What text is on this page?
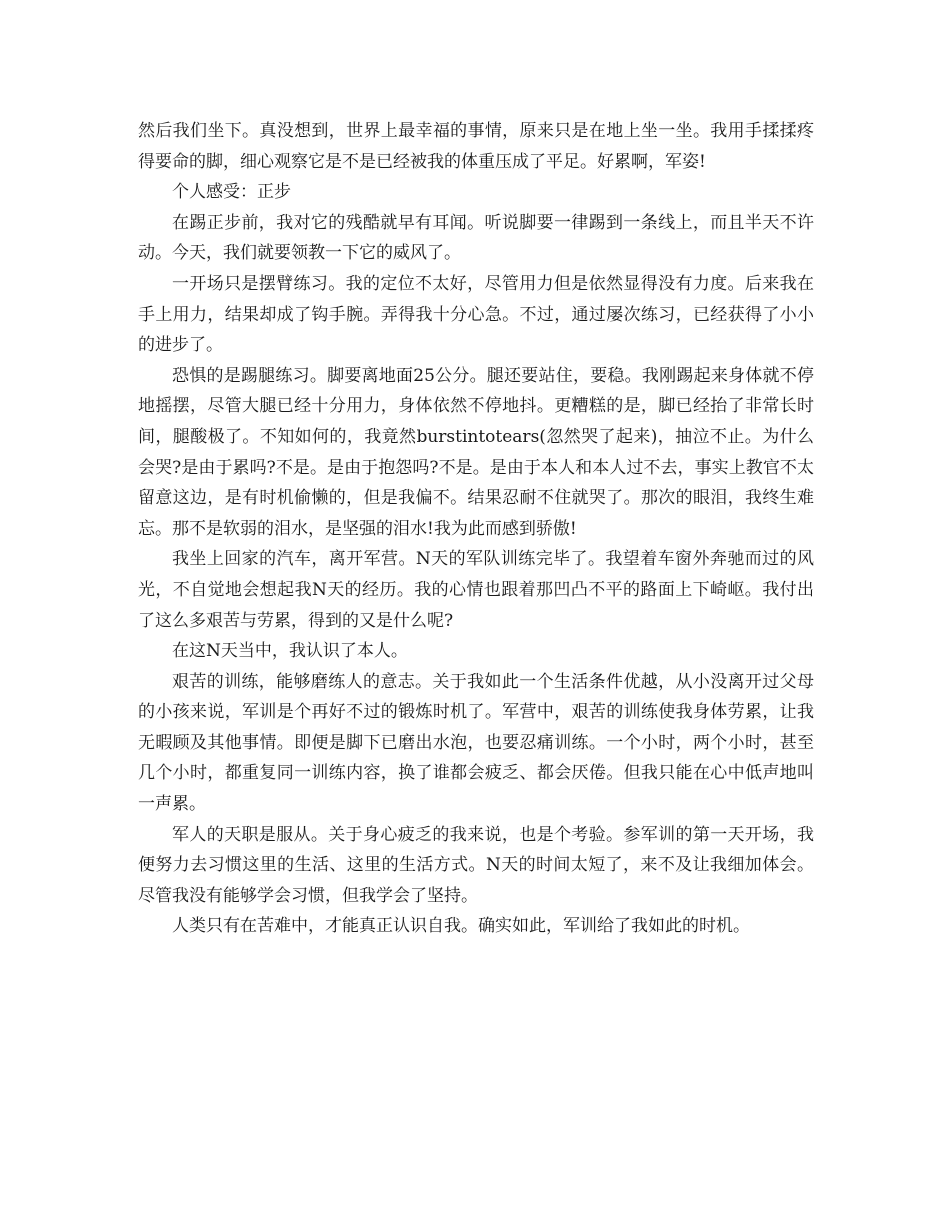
然后我们坐下。真没想到，世界上最幸福的事情，原来只是在地上坐一坐。我用手揉揉疼得要命的脚，细心观察它是不是已经被我的体重压成了平足。好累啊，军姿!

个人感受：正步

在踢正步前，我对它的残酷就早有耳闻。听说脚要一律踢到一条线上，而且半天不许动。今天，我们就要领教一下它的威风了。

一开场只是摆臂练习。我的定位不太好，尽管用力但是依然显得没有力度。后来我在手上用力，结果却成了钩手腕。弄得我十分心急。不过，通过屡次练习，已经获得了小小的进步了。

恐惧的是踢腿练习。脚要离地面25公分。腿还要站住，要稳。我刚踢起来身体就不停地摇摆，尽管大腿已经十分用力，身体依然不停地抖。更糟糕的是，脚已经抬了非常长时间，腿酸极了。不知如何的，我竟然burstintotears(忽然哭了起来)，抽泣不止。为什么会哭?是由于累吗?不是。是由于抱怨吗?不是。是由于本人和本人过不去，事实上教官不太留意这边，是有时机偷懒的，但是我偏不。结果忍耐不住就哭了。那次的眼泪，我终生难忘。那不是软弱的泪水，是坚强的泪水!我为此而感到骄傲!

我坐上回家的汽车，离开军营。N天的军队训练完毕了。我望着车窗外奔驰而过的风光，不自觉地会想起我N天的经历。我的心情也跟着那凹凸不平的路面上下崎岖。我付出了这么多艰苦与劳累，得到的又是什么呢?

在这N天当中，我认识了本人。

艰苦的训练，能够磨练人的意志。关于我如此一个生活条件优越，从小没离开过父母的小孩来说，军训是个再好不过的锻炼时机了。军营中，艰苦的训练使我身体劳累，让我无暇顾及其他事情。即便是脚下已磨出水泡，也要忍痛训练。一个小时，两个小时，甚至几个小时，都重复同一训练内容，换了谁都会疲乏、都会厌倦。但我只能在心中低声地叫一声累。

军人的天职是服从。关于身心疲乏的我来说，也是个考验。参军训的第一天开场，我便努力去习惯这里的生活、这里的生活方式。N天的时间太短了，来不及让我细加体会。尽管我没有能够学会习惯，但我学会了坚持。

人类只有在苦难中，才能真正认识自我。确实如此，军训给了我如此的时机。
